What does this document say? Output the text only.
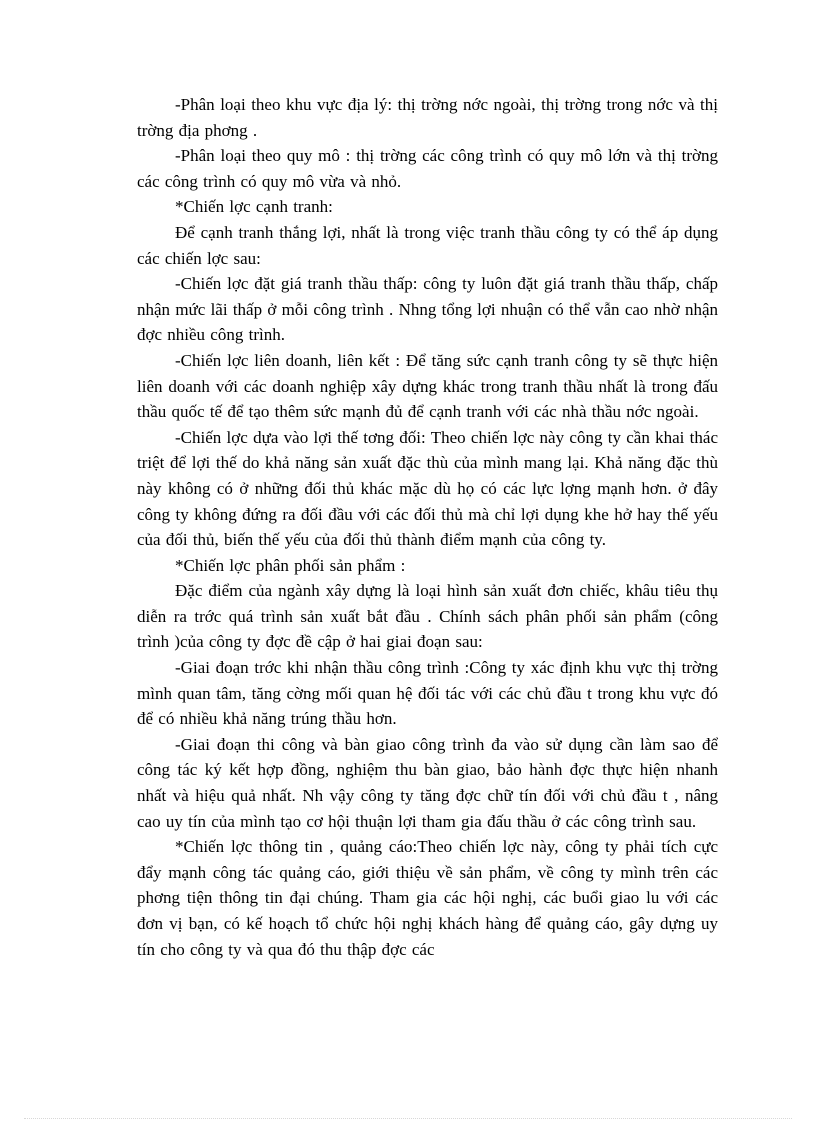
-Phân loại theo khu vực địa lý: thị trờng nớc ngoài, thị trờng trong nớc và thị trờng địa phơng .

-Phân loại theo quy mô : thị trờng các công trình có quy mô lớn và thị trờng các công trình có quy mô vừa và nhỏ.

*Chiến lợc cạnh tranh:

Để cạnh tranh thắng lợi, nhất là trong việc tranh thầu công ty có thể áp dụng các chiến lợc sau:

-Chiến lợc đặt giá tranh thầu thấp: công ty luôn đặt giá tranh thầu thấp, chấp nhận mức lãi thấp ở mỗi công trình . Nhng tổng lợi nhuận có thể vẫn cao nhờ nhận đợc nhiều công trình.

-Chiến lợc liên doanh, liên kết : Để tăng sức cạnh tranh công ty sẽ thực hiện liên doanh với các doanh nghiệp xây dựng khác trong tranh thầu nhất là trong đấu thầu quốc tế để tạo thêm sức mạnh đủ để cạnh tranh với các nhà thầu nớc ngoài.

-Chiến lợc dựa vào lợi thế tơng đối: Theo chiến lợc này công ty cần khai thác triệt để lợi thế do khả năng sản xuất đặc thù của mình mang lại. Khả năng đặc thù này không có ở những đối thủ khác mặc dù họ có các lực lợng mạnh hơn. ở đây công ty không đứng ra đối đầu với các đối thủ mà chỉ lợi dụng khe hở hay thế yếu của đối thủ, biến thế yếu của đối thủ thành điểm mạnh của công ty.

*Chiến lợc phân phối sản phẩm :

Đặc điểm của ngành xây dựng là loại hình sản xuất đơn chiếc, khâu tiêu thụ diễn ra trớc quá trình sản xuất bắt đầu . Chính sách phân phối sản phẩm (công trình )của công ty đợc đề cập ở hai giai đoạn sau:

-Giai đoạn trớc khi nhận thầu công trình :Công ty xác định khu vực thị trờng mình quan tâm, tăng cờng mối quan hệ đối tác với các chủ đầu t trong khu vực đó để có nhiều khả năng trúng thầu hơn.

-Giai đoạn thi công và bàn giao công trình đa vào sử dụng cần làm sao để công tác ký kết hợp đồng, nghiệm thu bàn giao, bảo hành đợc thực hiện nhanh nhất và hiệu quả nhất. Nh vậy công ty tăng đợc chữ tín đối với chủ đầu t , nâng cao uy tín của mình tạo cơ hội thuận lợi tham gia đấu thầu ở các công trình sau.

*Chiến lợc thông tin , quảng cáo:Theo chiến lợc này, công ty phải tích cực đẩy mạnh công tác quảng cáo, giới thiệu về sản phẩm, về công ty mình trên các phơng tiện thông tin đại chúng. Tham gia các hội nghị, các buổi giao lu với các đơn vị bạn, có kế hoạch tổ chức hội nghị khách hàng để quảng cáo, gây dựng uy tín cho công ty và qua đó thu thập đợc các
